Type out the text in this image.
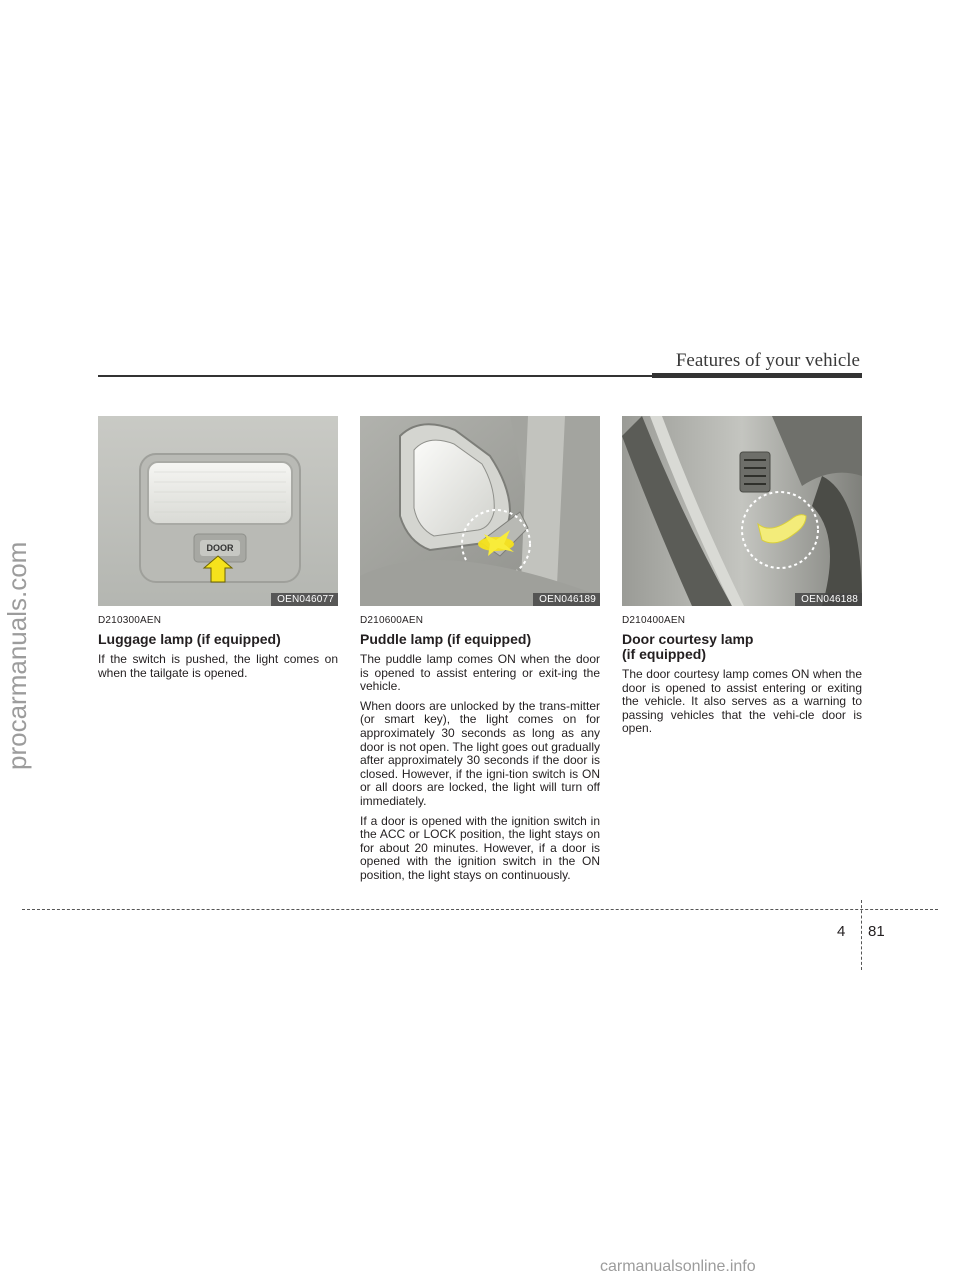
Features of your vehicle
procarmanuals.com	DOOR
OEN046077
D210300AEN
Luggage lamp (if equipped)

If the switch is pushed, the light comes on when the tailgate is opened.

OEN046189
D210600AEN
Puddle lamp (if equipped)

The puddle lamp comes ON when the door is opened to assist entering or exit-ing the vehicle.

When doors are unlocked by the trans-mitter (or smart key), the light comes on for approximately 30 seconds as long as any door is not open. The light goes out gradually after approximately 30 seconds if the door is closed. However, if the igni-tion switch is ON or all doors are locked, the light will turn off immediately.

If a door is opened with the ignition switch in the ACC or LOCK position, the light stays on for about 20 minutes. However, if a door is opened with the ignition switch in the ON position, the light stays on continuously.

OEN046188
D210400AEN
Door courtesy lamp
(if equipped)

The door courtesy lamp comes ON when the door is opened to assist entering or exiting the vehicle. It also serves as a warning to passing vehicles that the vehi-cle door is open.

4 81
carmanualsonline.info
